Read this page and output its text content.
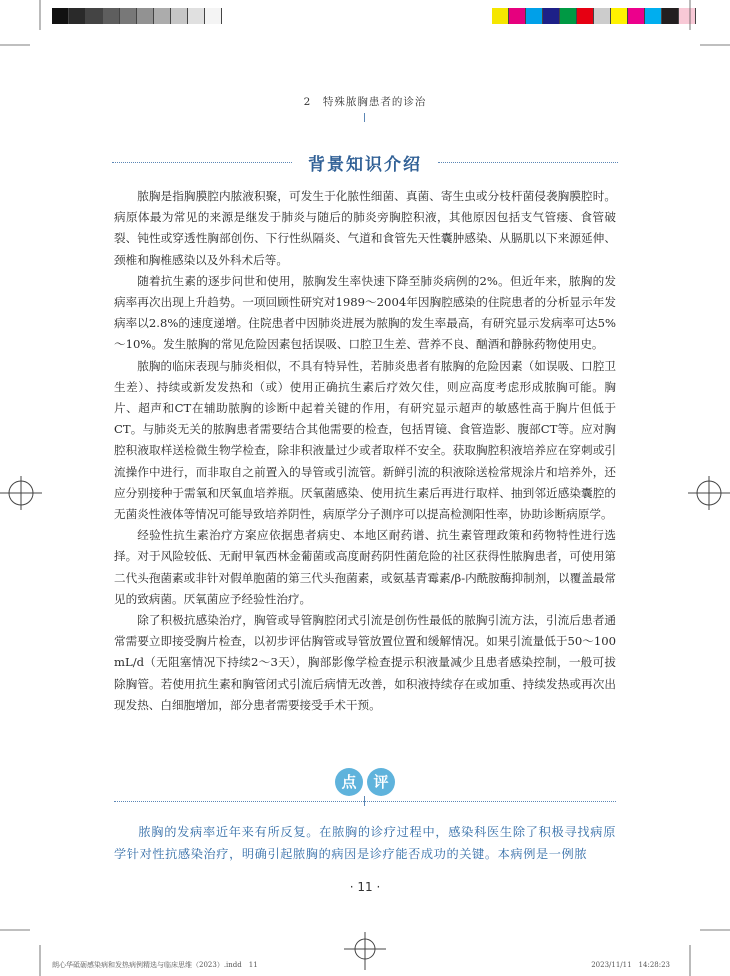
2　特殊脓胸患者的诊治
背景知识介绍

脓胸是指胸膜腔内脓液积聚，可发生于化脓性细菌、真菌、寄生虫或分枝杆菌侵袭胸膜腔时。病原体最为常见的来源是继发于肺炎与随后的肺炎旁胸腔积液，其他原因包括支气管瘘、食管破裂、钝性或穿透性胸部创伤、下行性纵隔炎、气道和食管先天性囊肿感染、从膈肌以下来源延伸、颈椎和胸椎感染以及外科术后等。

随着抗生素的逐步问世和使用，脓胸发生率快速下降至肺炎病例的2%。但近年来，脓胸的发病率再次出现上升趋势。一项回顾性研究对1989～2004年因胸腔感染的住院患者的分析显示年发病率以2.8%的速度递增。住院患者中因肺炎进展为脓胸的发生率最高，有研究显示发病率可达5%～10%。发生脓胸的常见危险因素包括误吸、口腔卫生差、营养不良、酗酒和静脉药物使用史。

脓胸的临床表现与肺炎相似，不具有特异性，若肺炎患者有脓胸的危险因素（如误吸、口腔卫生差）、持续或新发发热和（或）使用正确抗生素后疗效欠佳，则应高度考虑形成脓胸可能。胸片、超声和CT在辅助脓胸的诊断中起着关键的作用，有研究显示超声的敏感性高于胸片但低于CT。与肺炎无关的脓胸患者需要结合其他需要的检查，包括胃镜、食管造影、腹部CT等。应对胸腔积液取样送检微生物学检查，除非积液量过少或者取样不安全。获取胸腔积液培养应在穿刺或引流操作中进行，而非取自之前置入的导管或引流管。新鲜引流的积液除送检常规涂片和培养外，还应分别接种于需氧和厌氧血培养瓶。厌氧菌感染、使用抗生素后再进行取样、抽到邻近感染囊腔的无菌炎性液体等情况可能导致培养阴性，病原学分子测序可以提高检测阳性率，协助诊断病原学。

经验性抗生素治疗方案应依据患者病史、本地区耐药谱、抗生素管理政策和药物特性进行选择。对于风险较低、无耐甲氧西林金葡菌或高度耐药阴性菌危险的社区获得性脓胸患者，可使用第二代头孢菌素或非针对假单胞菌的第三代头孢菌素，或氨基青霉素/β-内酰胺酶抑制剂，以覆盖最常见的致病菌。厌氧菌应予经验性治疗。

除了积极抗感染治疗，胸管或导管胸腔闭式引流是创伤性最低的脓胸引流方法，引流后患者通常需要立即接受胸片检查，以初步评估胸管或导管放置位置和缓解情况。如果引流量低于50～100 mL/d（无阻塞情况下持续2～3天），胸部影像学检查提示积液量减少且患者感染控制，一般可拔除胸管。若使用抗生素和胸管闭式引流后病情无改善，如积液持续存在或加重、持续发热或再次出现发热、白细胞增加，部分患者需要接受手术干预。

点	评

脓胸的发病率近年来有所反复。在脓胸的诊疗过程中，感染科医生除了积极寻找病原学针对性抗感染治疗，明确引起脓胸的病因是诊疗能否成功的关键。本病例是一例脓

· 11 ·
朗心华砥砺感染病和发热病例精选与临床思维（2023）.indd　11	2023/11/11　14:28:23
